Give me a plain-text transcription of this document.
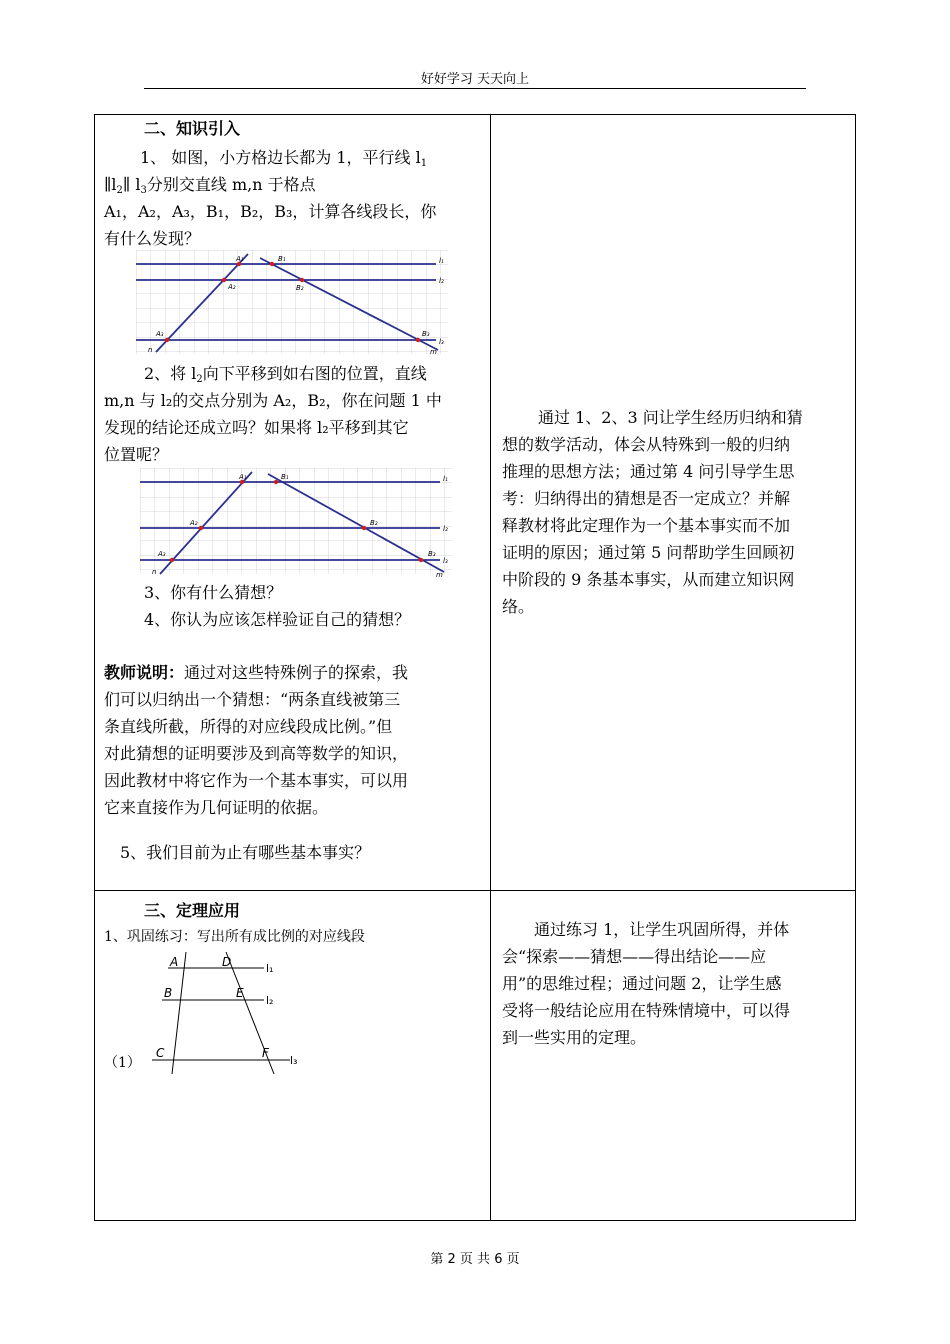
好好学习 天天向上
二、知识引入
1、 如图，小方格边长都为 1，平行线 $l_1$
$\parallel l_2\parallel$ $l_3$分别交直线 m,n 于格点
A₁，A₂，A₃，B₁，B₂，B₃，计算各线段长，你
有什么发现？
A₁	B₁
A₂	B₂
A₃	B₃
l₁
l₂
l₃
n	m
2、将 $l_2$向下平移到如右图的位置，直线
m,n 与 l₂的交点分别为 A₂，B₂，你在问题 1 中
发现的结论还成立吗？如果将 l₂平移到其它
位置呢？
A₁	B₁
A₂	B₂
A₃	B₃
l₁
l₂
l₃
n	m
3、你有什么猜想？
4、你认为应该怎样验证自己的猜想？
教师说明：通过对这些特殊例子的探索，我
们可以归纳出一个猜想：“两条直线被第三
条直线所截，所得的对应线段成比例。”但
对此猜想的证明要涉及到高等数学的知识，
因此教材中将它作为一个基本事实，可以用
它来直接作为几何证明的依据。
5、我们目前为止有哪些基本事实？
通过 1、2、3 问让学生经历归纳和猜
想的数学活动，体会从特殊到一般的归纳
推理的思想方法；通过第 4 问引导学生思
考：归纳得出的猜想是否一定成立？并解
释教材将此定理作为一个基本事实而不加
证明的原因；通过第 5 问帮助学生回顾初
中阶段的 9 条基本事实，从而建立知识网
络。
三、定理应用
1、巩固练习：写出所有成比例的对应线段
A	D	l₁
B	E
l₂
C	F
l₃
（1）
通过练习 1，让学生巩固所得，并体
会“探索——猜想——得出结论——应
用”的思维过程；通过问题 2，让学生感
受将一般结论应用在特殊情境中，可以得
到一些实用的定理。
第 2 页 共 6 页
